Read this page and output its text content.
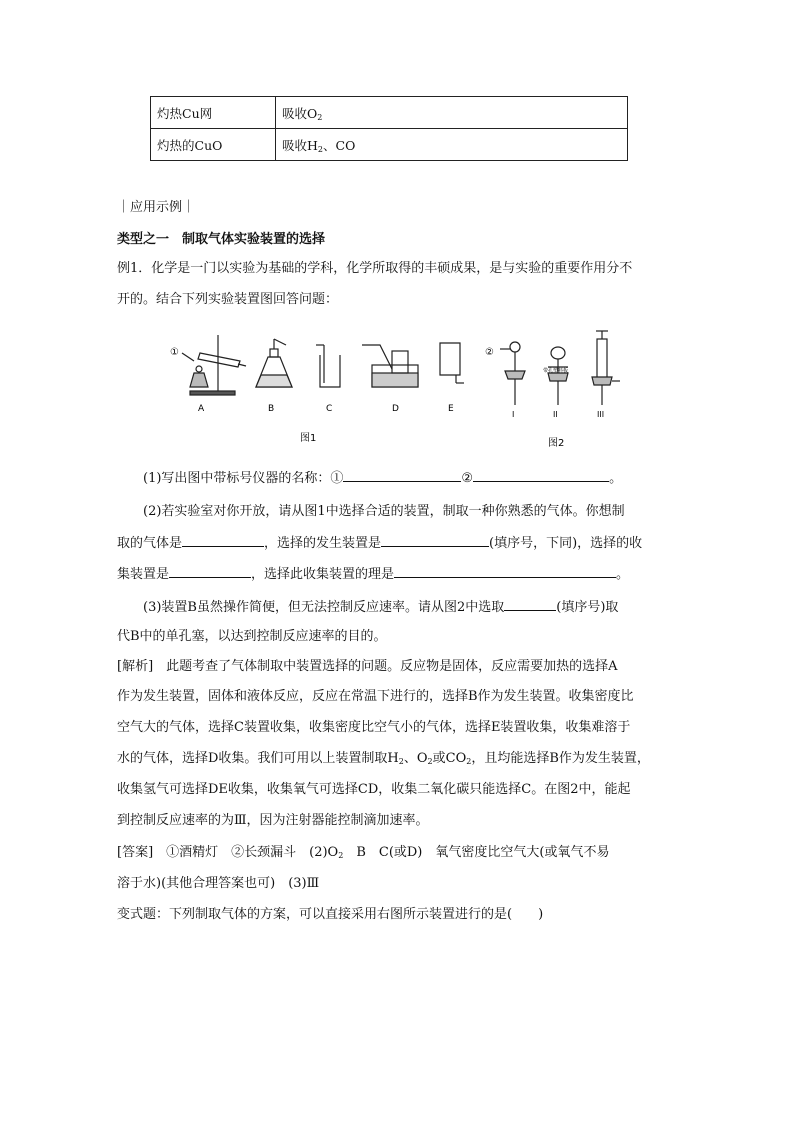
灼热Cu网	吸收$O_2$
灼热的CuO	吸收$H_2$、CO
｜应用示例｜
类型之一　制取气体实验装置的选择
例1．化学是一门以实验为基础的学科，化学所取得的丰硕成果，是与实验的重要作用分不
开的。结合下列实验装置图回答问题：
①	②
带孔塑料板
A	B	C	D	E
I	II	III
图1	图2
(1)写出图中带标号仪器的名称：①	②	。
(2)若实验室对你开放，请从图1中选择合适的装置，制取一种你熟悉的气体。你想制
取的气体是	，选择的发生装置是	(填序号，下同)，选择的收
集装置是	，选择此收集装置的理是	。
(3)装置B虽然操作简便，但无法控制反应速率。请从图2中选取	(填序号)取
代B中的单孔塞，以达到控制反应速率的目的。
[解析]　此题考查了气体制取中装置选择的问题。反应物是固体，反应需要加热的选择A
作为发生装置，固体和液体反应，反应在常温下进行的，选择B作为发生装置。收集密度比
空气大的气体，选择C装置收集，收集密度比空气小的气体，选择E装置收集，收集难溶于
水的气体，选择D收集。我们可用以上装置制取$H_2$、$O_2$或$CO_2$，且均能选择B作为发生装置，
收集氢气可选择DE收集，收集氧气可选择CD，收集二氧化碳只能选择C。在图2中，能起
到控制反应速率的为Ⅲ，因为注射器能控制滴加速率。
[答案]　①酒精灯　②长颈漏斗　$(2)O_2$　B　C(或D)　氧气密度比空气大(或氧气不易
溶于水)(其他合理答案也可)　(3)Ⅲ
变式题：下列制取气体的方案，可以直接采用右图所示装置进行的是(　　)
